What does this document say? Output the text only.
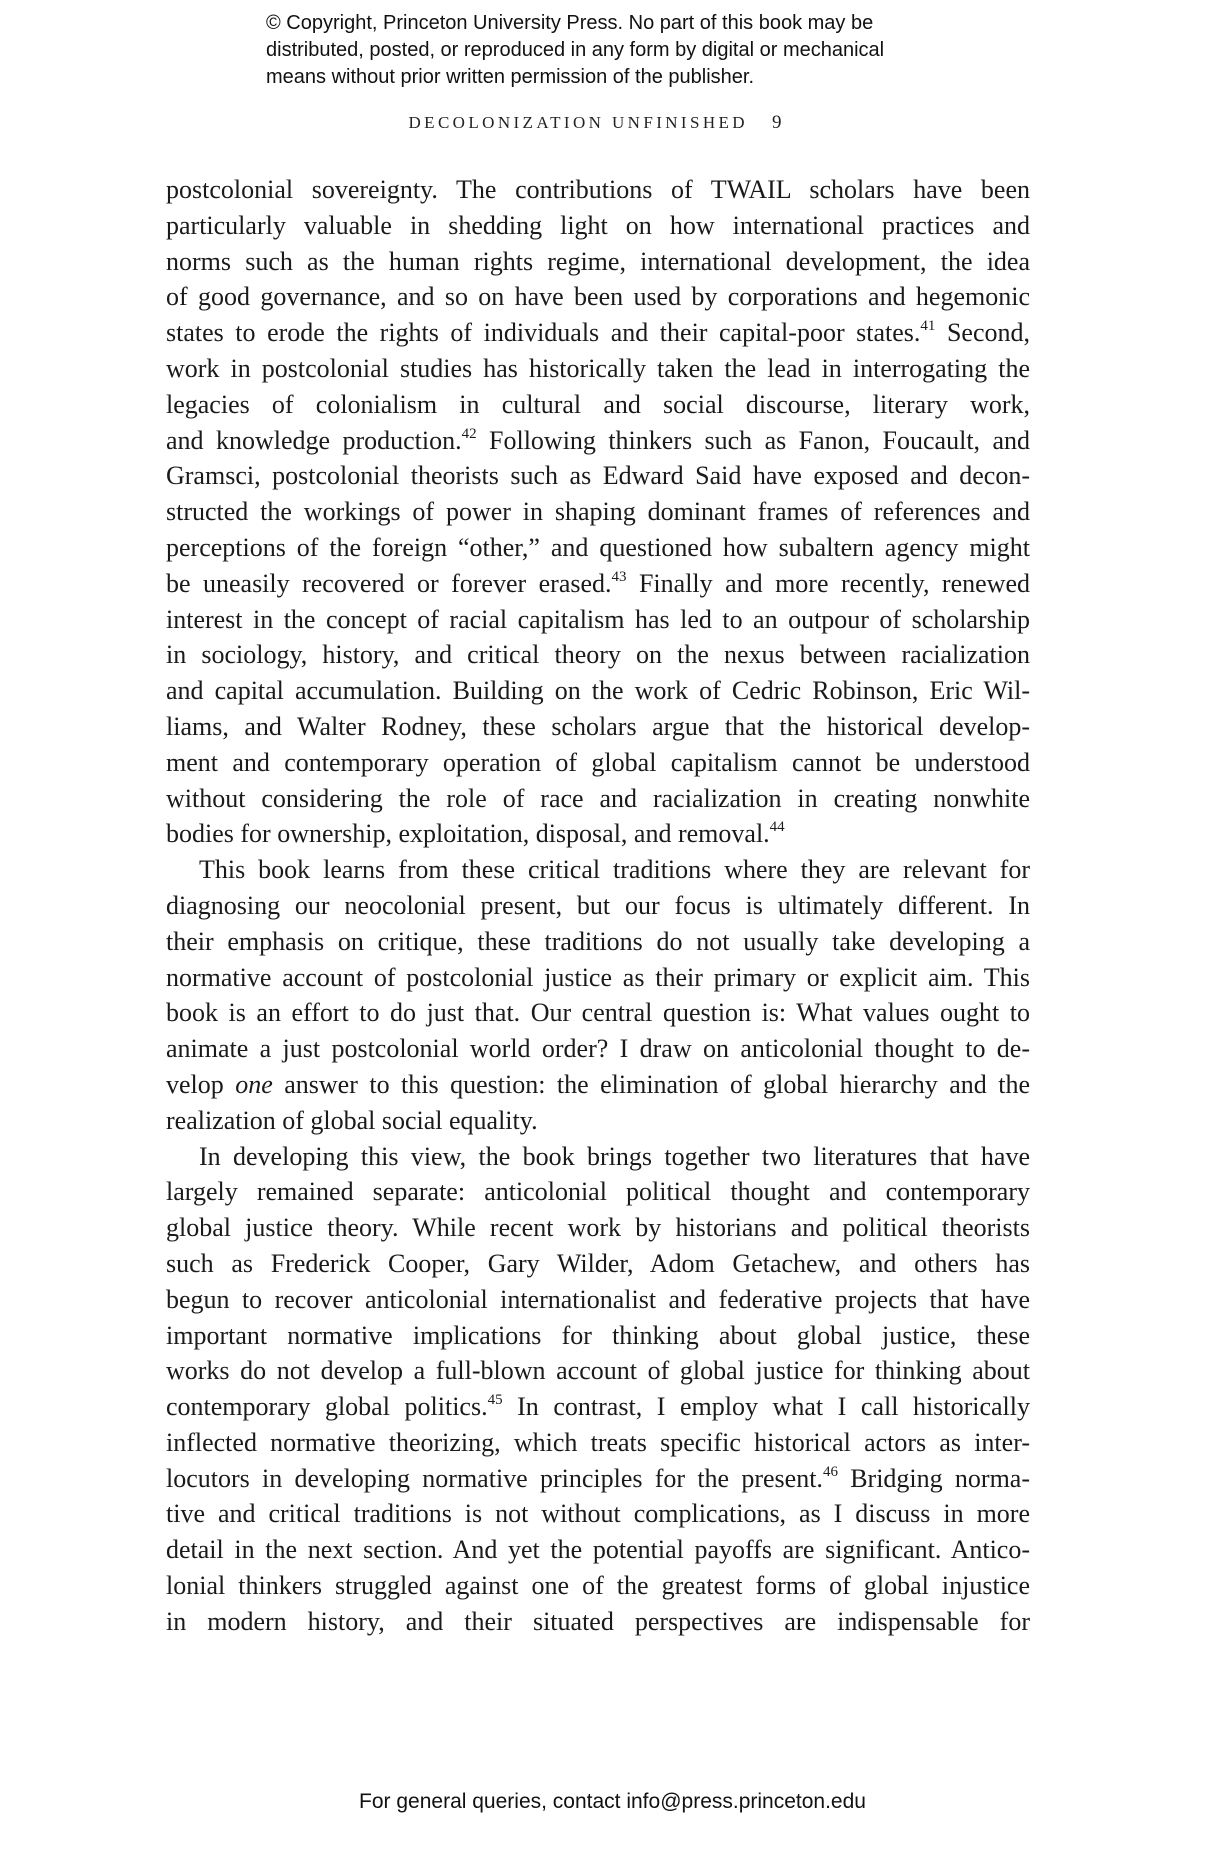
© Copyright, Princeton University Press. No part of this book may be
distributed, posted, or reproduced in any form by digital or mechanical
means without prior written permission of the publisher.
DECOLONIZATION UNFINISHED 9
postcolonial sovereignty. The contributions of TWAIL scholars have been
particularly valuable in shedding light on how international practices and
norms such as the human rights regime, international development, the idea
of good governance, and so on have been used by corporations and hegemonic
states to erode the rights of individuals and their capital-poor states.$^{41}$ Second,
work in postcolonial studies has historically taken the lead in interrogating the
legacies of colonialism in cultural and social discourse, literary work,
and knowledge production.$^{42}$ Following thinkers such as Fanon, Foucault, and
Gramsci, postcolonial theorists such as Edward Said have exposed and decon-
structed the workings of power in shaping dominant frames of references and
perceptions of the foreign “other,” and questioned how subaltern agency might
be uneasily recovered or forever erased.$^{43}$ Finally and more recently, renewed
interest in the concept of racial capitalism has led to an outpour of scholarship
in sociology, history, and critical theory on the nexus between racialization
and capital accumulation. Building on the work of Cedric Robinson, Eric Wil-
liams, and Walter Rodney, these scholars argue that the historical develop-
ment and contemporary operation of global capitalism cannot be understood
without considering the role of race and racialization in creating nonwhite
bodies for ownership, exploitation, disposal, and removal.$^{44}$
This book learns from these critical traditions where they are relevant for
diagnosing our neocolonial present, but our focus is ultimately different. In
their emphasis on critique, these traditions do not usually take developing a
normative account of postcolonial justice as their primary or explicit aim. This
book is an effort to do just that. Our central question is: What values ought to
animate a just postcolonial world order? I draw on anticolonial thought to de-
velop one answer to this question: the elimination of global hierarchy and the
realization of global social equality.
In developing this view, the book brings together two literatures that have
largely remained separate: anticolonial political thought and contemporary
global justice theory. While recent work by historians and political theorists
such as Frederick Cooper, Gary Wilder, Adom Getachew, and others has
begun to recover anticolonial internationalist and federative projects that have
important normative implications for thinking about global justice, these
works do not develop a full-blown account of global justice for thinking about
contemporary global politics.$^{45}$ In contrast, I employ what I call historically
inflected normative theorizing, which treats specific historical actors as inter-
locutors in developing normative principles for the present.$^{46}$ Bridging norma-
tive and critical traditions is not without complications, as I discuss in more
detail in the next section. And yet the potential payoffs are significant. Antico-
lonial thinkers struggled against one of the greatest forms of global injustice
in modern history, and their situated perspectives are indispensable for
For general queries, contact info@press.princeton.edu
